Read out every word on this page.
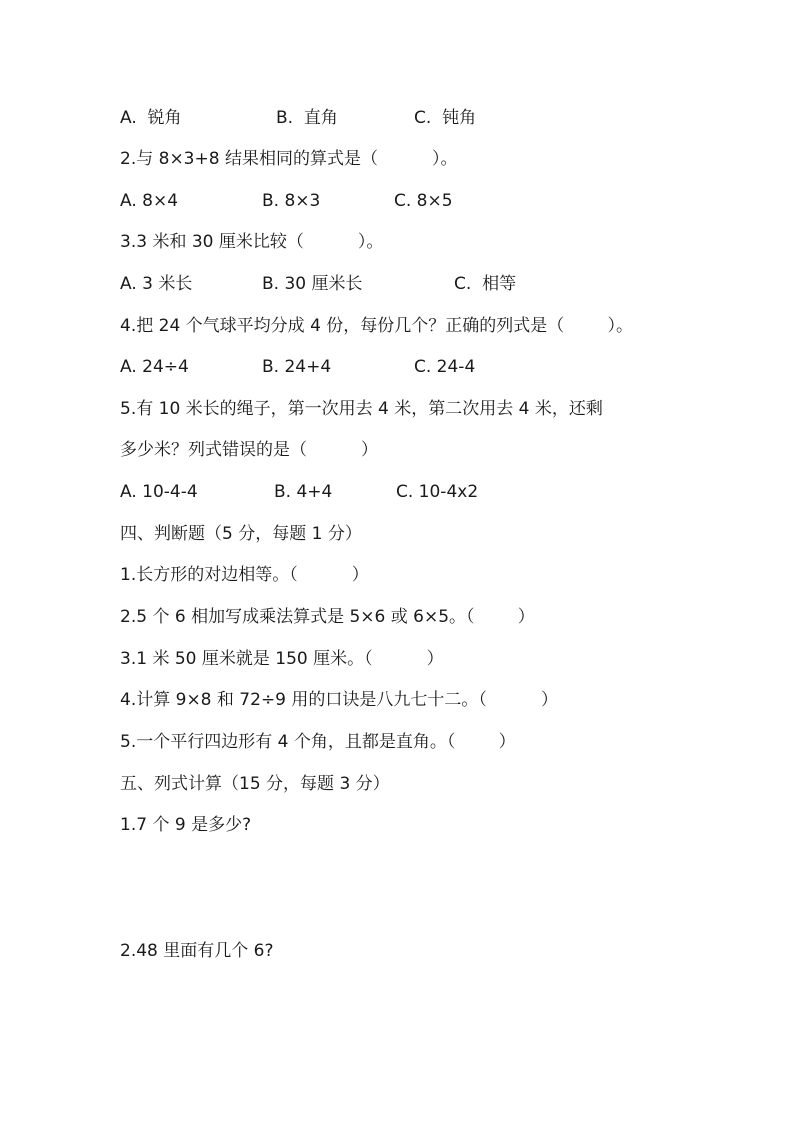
A.  锐角	B.  直角	C.  钝角
2.与 8×3+8 结果相同的算式是（          ）。
A. 8×4	B. 8×3	C. 8×5
3.3 米和 30 厘米比较（          ）。
A. 3 米长	B. 30 厘米长	C.  相等
4.把 24 个气球平均分成 4 份，每份几个？正确的列式是（        ）。
A. 24÷4	B. 24+4	C. 24-4
5.有 10 米长的绳子，第一次用去 4 米，第二次用去 4 米，还剩
多少米？列式错误的是（          ）
A. 10-4-4	B. 4+4	C. 10-4x2
四、判断题（5 分，每题 1 分）
1.长方形的对边相等。（          ）
2.5 个 6 相加写成乘法算式是 5×6 或 6×5。（        ）
3.1 米 50 厘米就是 150 厘米。（          ）
4.计算 9×8 和 72÷9 用的口诀是八九七十二。（          ）
5.一个平行四边形有 4 个角，且都是直角。（        ）
五、列式计算（15 分，每题 3 分）
1.7 个 9 是多少?
2.48 里面有几个 6?
